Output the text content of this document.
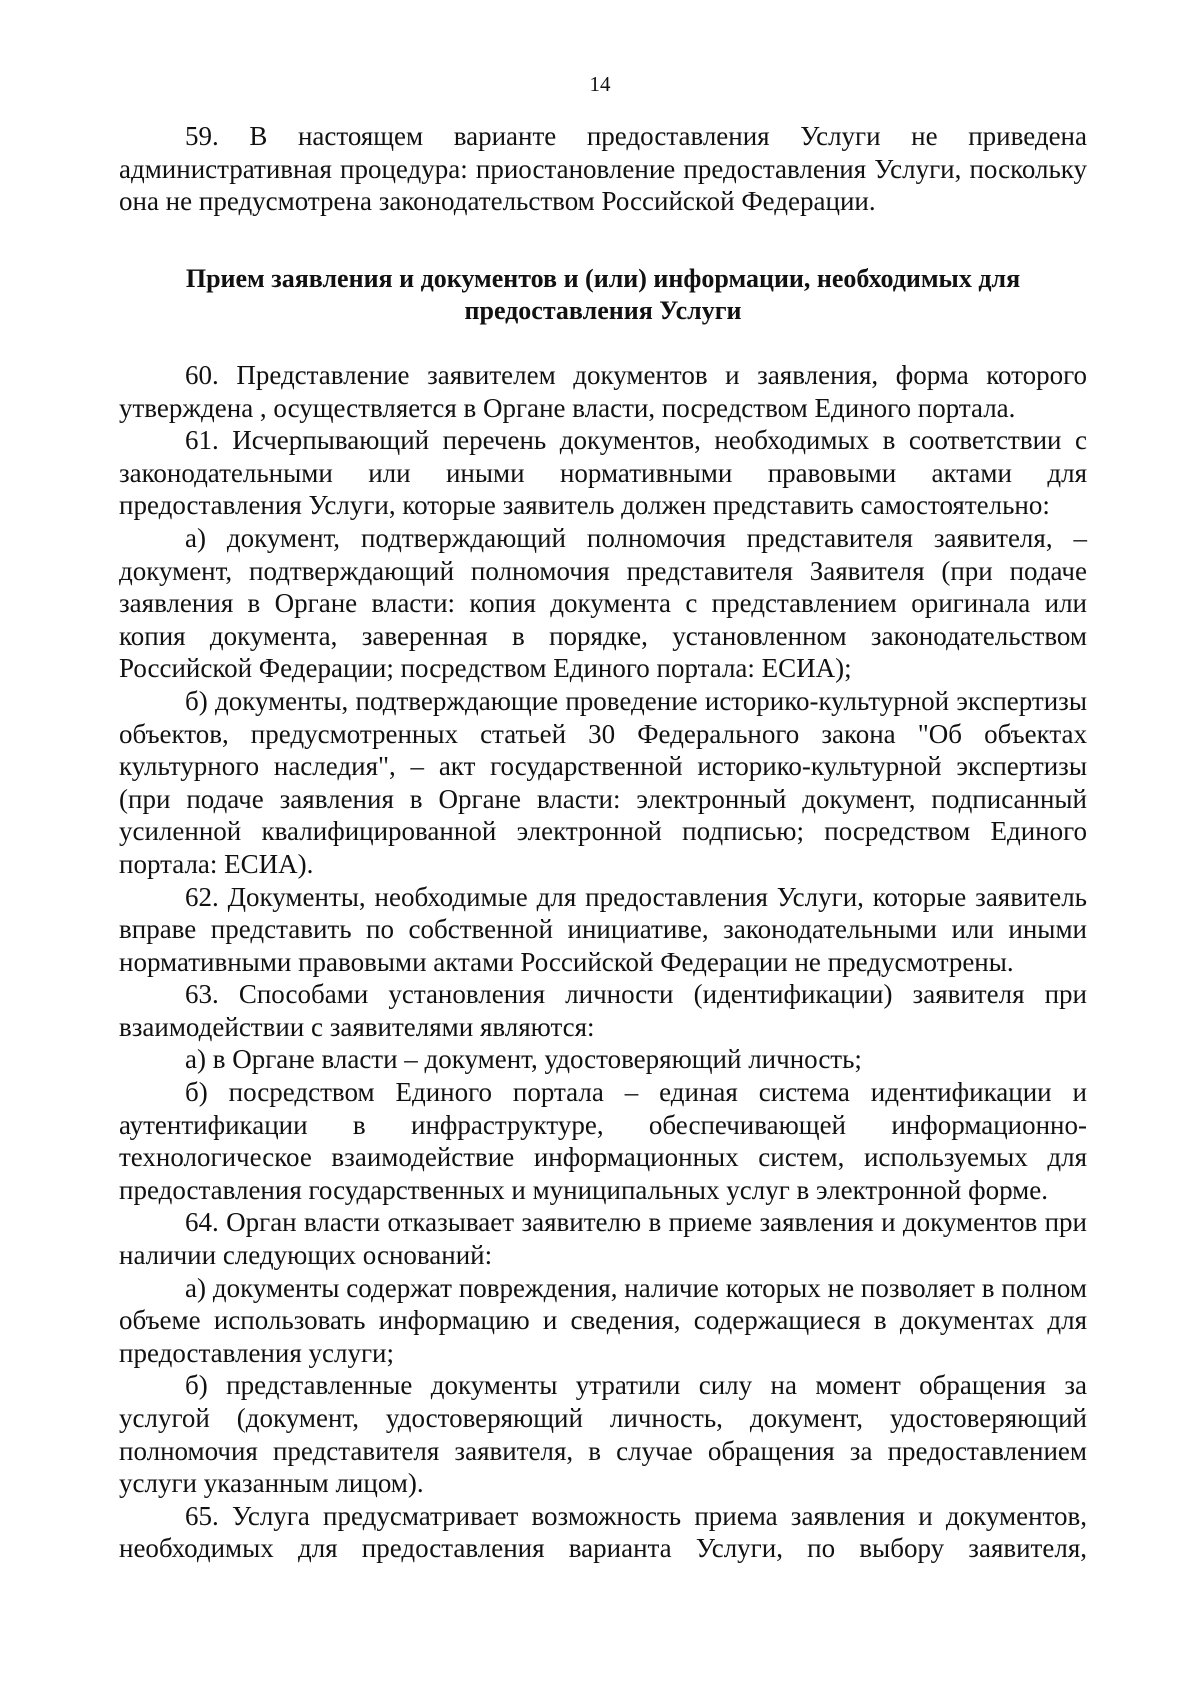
14

59. В настоящем варианте предоставления Услуги не приведена административная процедура: приостановление предоставления Услуги, поскольку она не предусмотрена законодательством Российской Федерации.

Прием заявления и документов и (или) информации, необходимых для предоставления Услуги

60. Представление заявителем документов и заявления, форма которого утверждена , осуществляется в Органе власти, посредством Единого портала.

61. Исчерпывающий перечень документов, необходимых в соответствии с законодательными или иными нормативными правовыми актами для предоставления Услуги, которые заявитель должен представить самостоятельно:

а) документ, подтверждающий полномочия представителя заявителя, – документ, подтверждающий полномочия представителя Заявителя (при подаче заявления в Органе власти: копия документа с представлением оригинала или копия документа, заверенная в порядке, установленном законодательством Российской Федерации; посредством Единого портала: ЕСИА);

б) документы, подтверждающие проведение историко-культурной экспертизы объектов, предусмотренных статьей 30 Федерального закона "Об объектах культурного наследия", – акт государственной историко-культурной экспертизы (при подаче заявления в Органе власти: электронный документ, подписанный усиленной квалифицированной электронной подписью; посредством Единого портала: ЕСИА).

62. Документы, необходимые для предоставления Услуги, которые заявитель вправе представить по собственной инициативе, законодательными или иными нормативными правовыми актами Российской Федерации не предусмотрены.

63. Способами установления личности (идентификации) заявителя при взаимодействии с заявителями являются:

а) в Органе власти – документ, удостоверяющий личность;

б) посредством Единого портала – единая система идентификации и аутентификации в инфраструктуре, обеспечивающей информационно-технологическое взаимодействие информационных систем, используемых для предоставления государственных и муниципальных услуг в электронной форме.

64. Орган власти отказывает заявителю в приеме заявления и документов при наличии следующих оснований:

а) документы содержат повреждения, наличие которых не позволяет в полном объеме использовать информацию и сведения, содержащиеся в документах для предоставления услуги;

б) представленные документы утратили силу на момент обращения за услугой (документ, удостоверяющий личность, документ, удостоверяющий полномочия представителя заявителя, в случае обращения за предоставлением услуги указанным лицом).

65. Услуга предусматривает возможность приема заявления и документов, необходимых для предоставления варианта Услуги, по выбору заявителя,
